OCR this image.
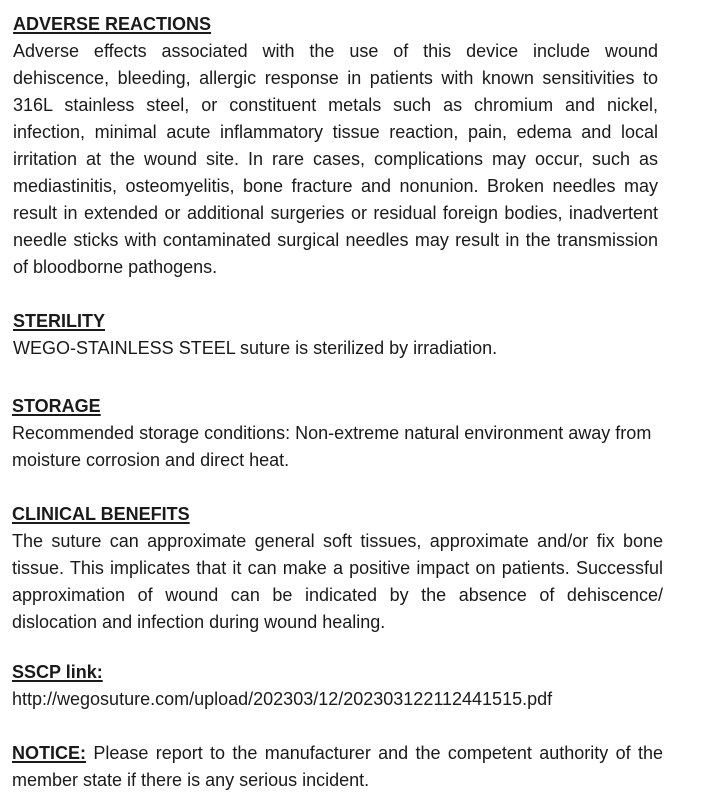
ADVERSE REACTIONS

Adverse effects associated with the use of this device include wound dehiscence, bleeding, allergic response in patients with known sensitivities to 316L stainless steel, or constituent metals such as chromium and nickel, infection, minimal acute inflammatory tissue reaction, pain, edema and local irritation at the wound site. In rare cases, complications may occur, such as mediastinitis, osteomyelitis, bone fracture and nonunion. Broken needles may result in extended or additional surgeries or residual foreign bodies, inadvertent needle sticks with contaminated surgical needles may result in the transmission of bloodborne pathogens.

STERILITY

WEGO-STAINLESS STEEL suture is sterilized by irradiation.

STORAGE

Recommended storage conditions: Non-extreme natural environment away from moisture corrosion and direct heat.

CLINICAL BENEFITS

The suture can approximate general soft tissues, approximate and/or fix bone tissue. This implicates that it can make a positive impact on patients. Successful approximation of wound can be indicated by the absence of dehiscence/ dislocation and infection during wound healing.

SSCP link:

http://wegosuture.com/upload/202303/12/202303122112441515.pdf

NOTICE: Please report to the manufacturer and the competent authority of the member state if there is any serious incident.
